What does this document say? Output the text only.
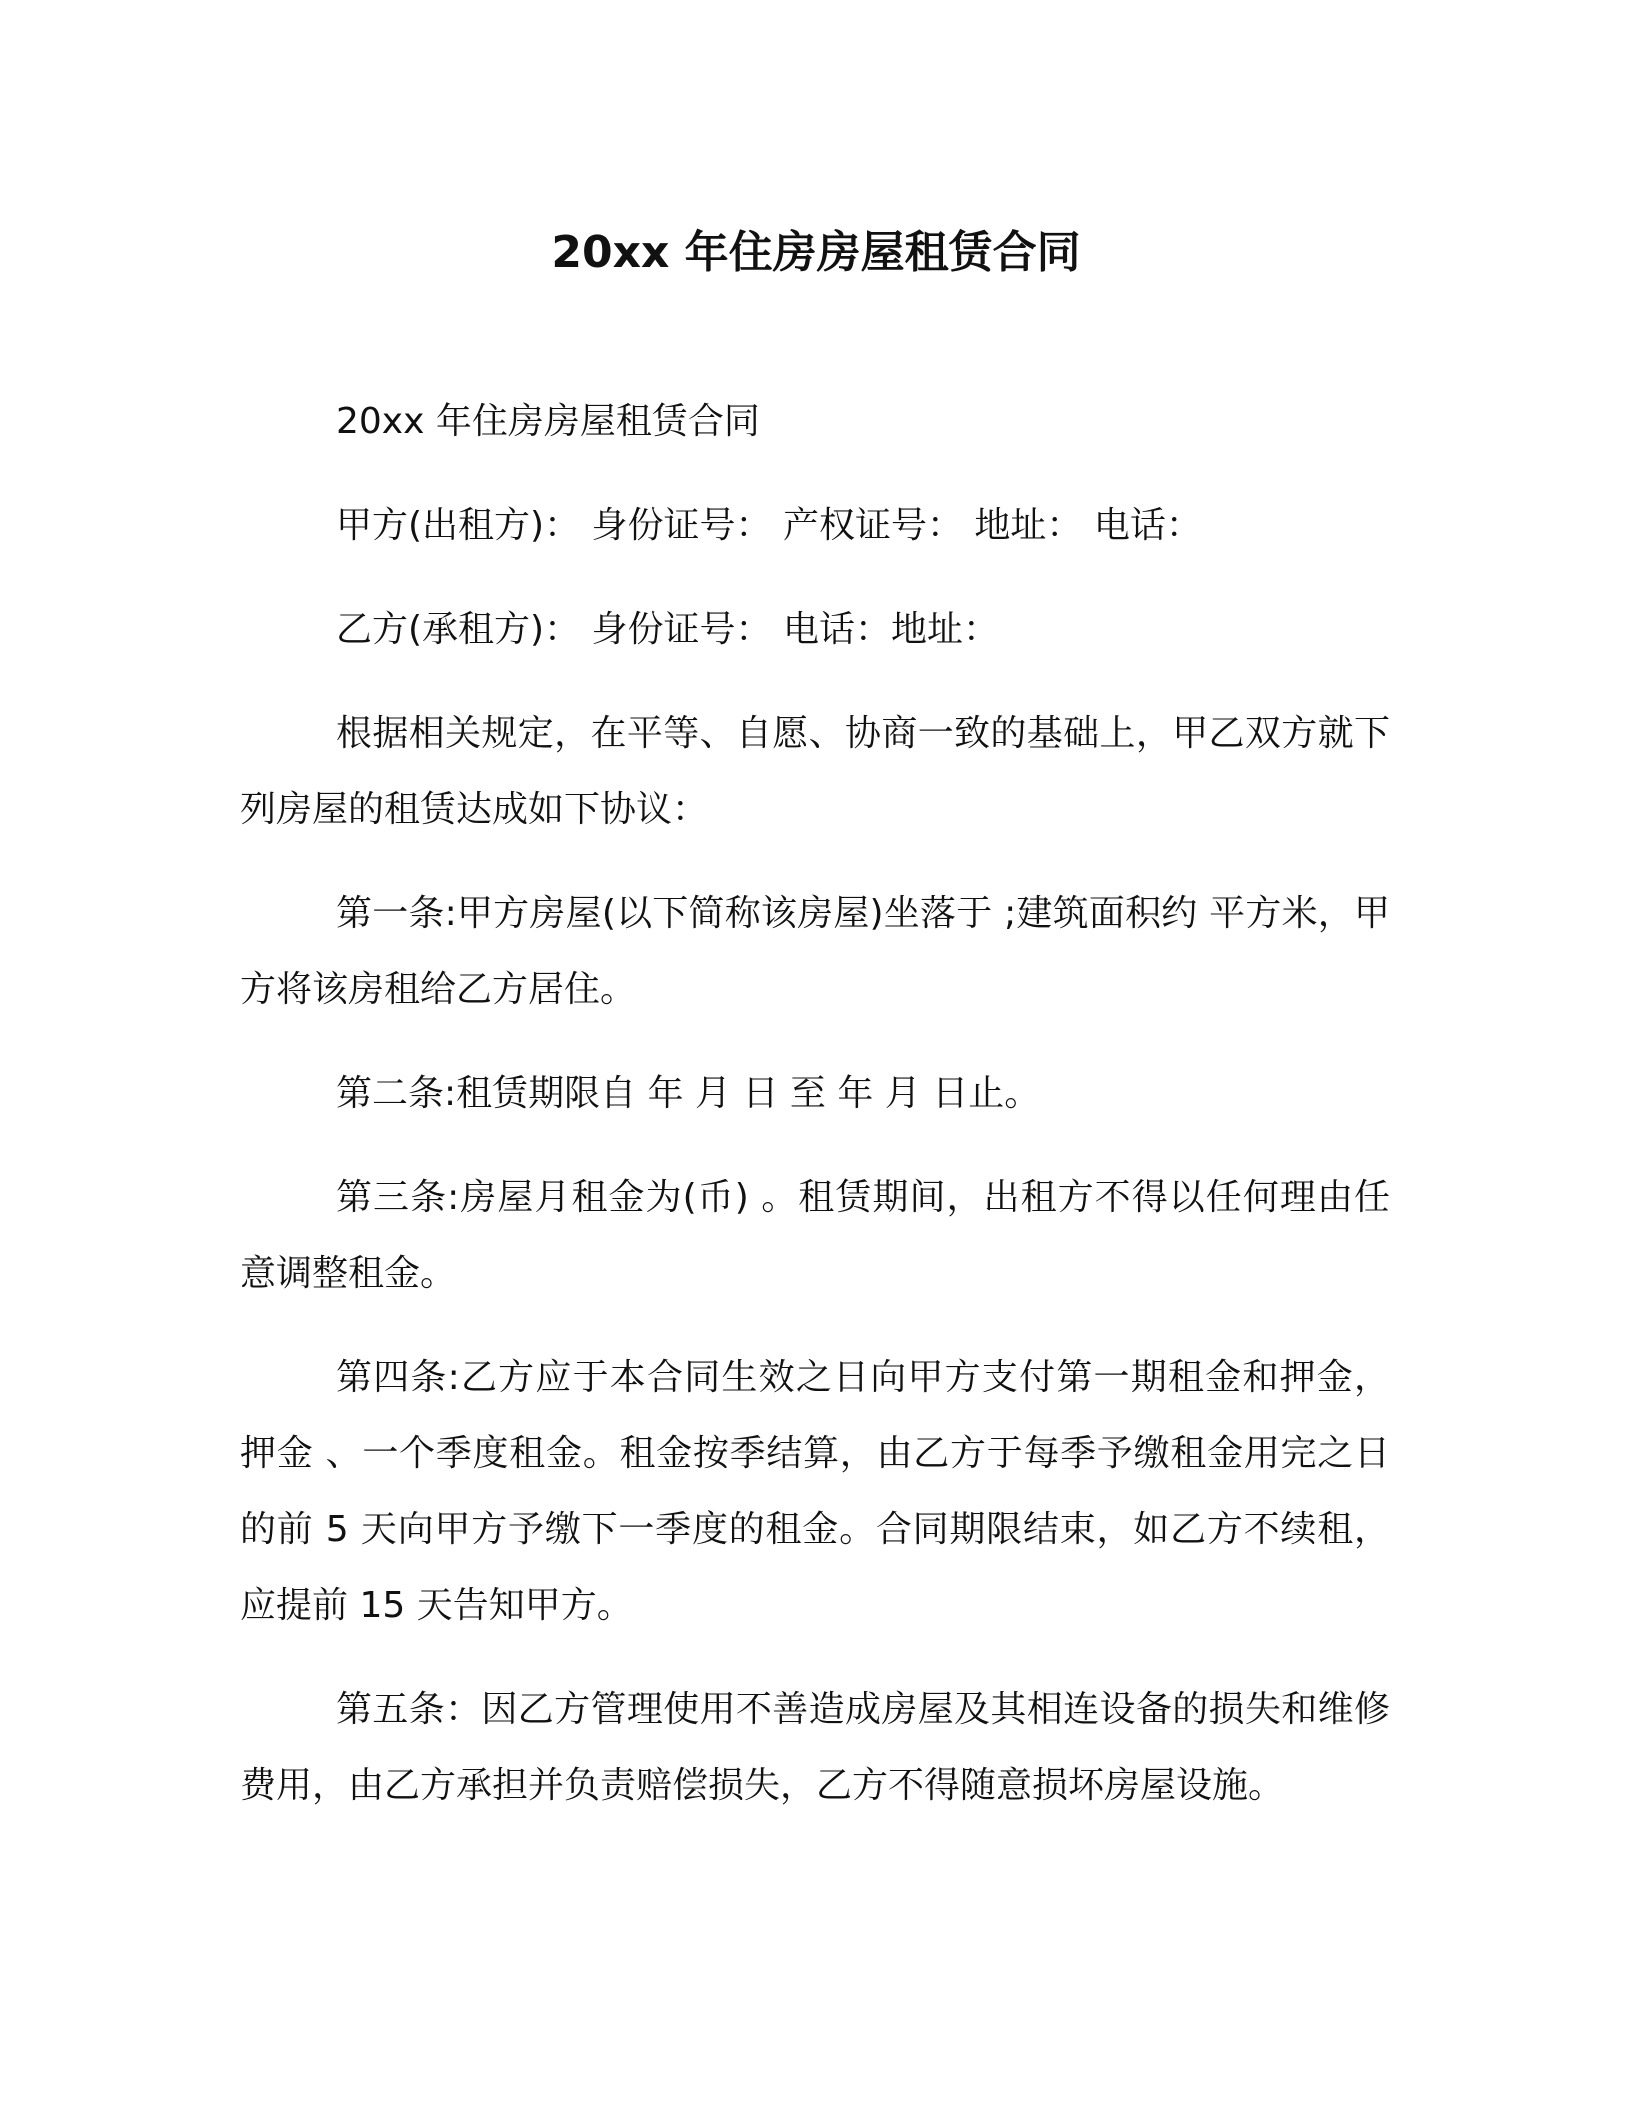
20xx 年住房房屋租赁合同

20xx 年住房房屋租赁合同

甲方(出租方)： 身份证号： 产权证号： 地址： 电话：

乙方(承租方)： 身份证号： 电话：地址：

根据相关规定，在平等、自愿、协商一致的基础上，甲乙双方就下列房屋的租赁达成如下协议：

第一条:甲方房屋(以下简称该房屋)坐落于 ;建筑面积约 平方米，甲方将该房租给乙方居住。

第二条:租赁期限自 年 月 日 至 年 月 日止。

第三条:房屋月租金为(币) 。租赁期间，出租方不得以任何理由任意调整租金。

第四条:乙方应于本合同生效之日向甲方支付第一期租金和押金，押金 、一个季度租金。租金按季结算，由乙方于每季予缴租金用完之日的前 5 天向甲方予缴下一季度的租金。合同期限结束，如乙方不续租，应提前 15 天告知甲方。

第五条：因乙方管理使用不善造成房屋及其相连设备的损失和维修费用，由乙方承担并负责赔偿损失，乙方不得随意损坏房屋设施。
